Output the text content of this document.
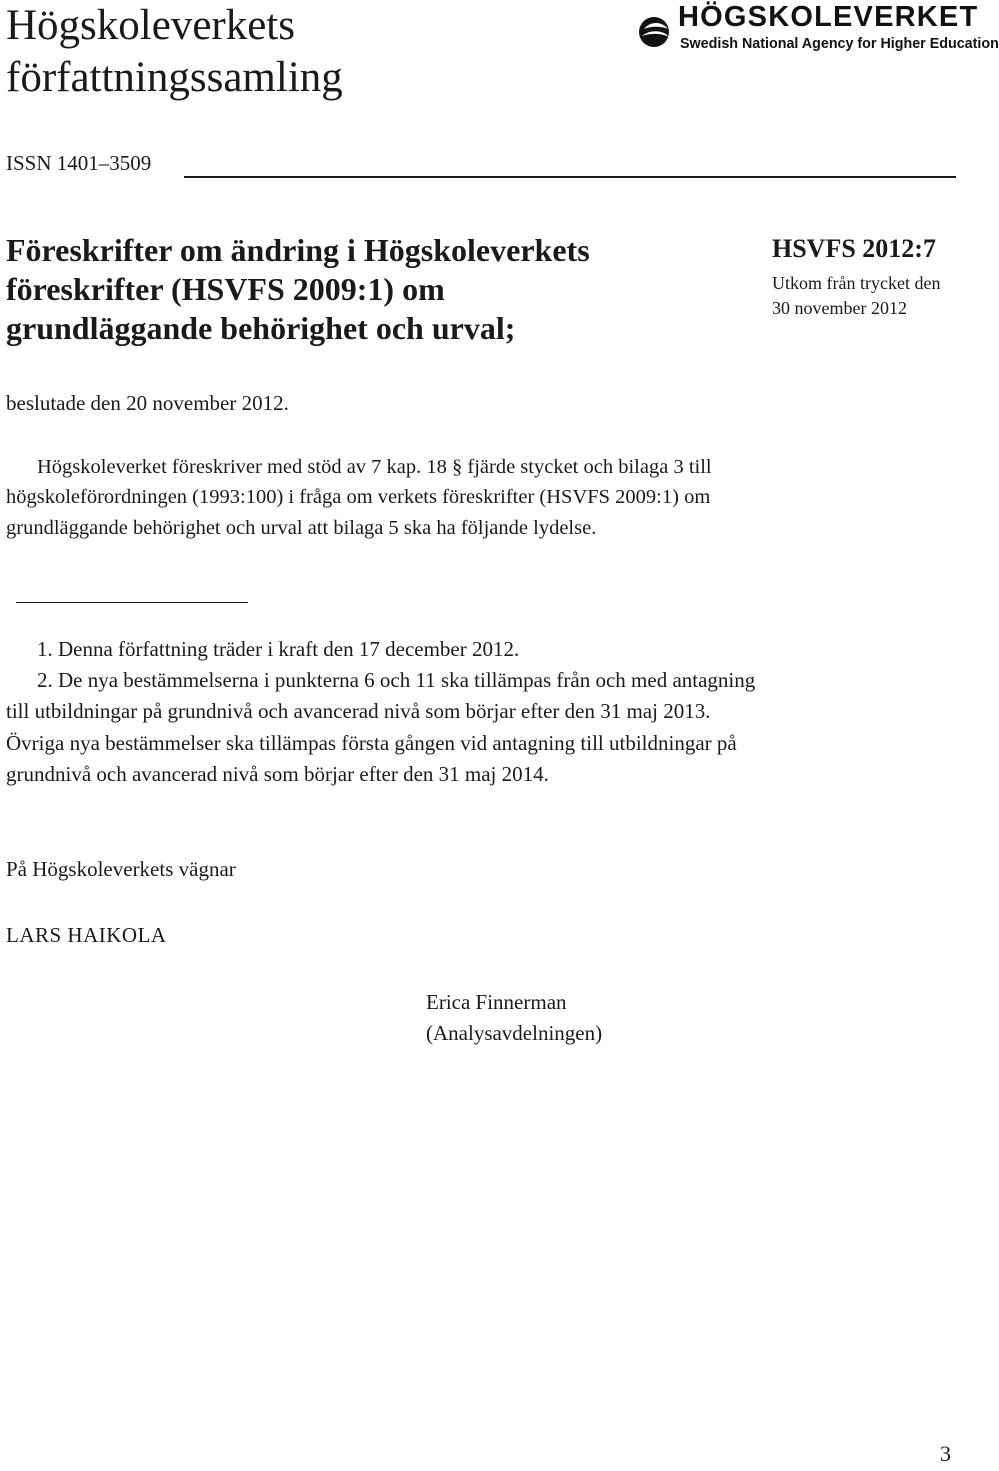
Högskoleverkets
författningssamling
HÖGSKOLEVERKET
Swedish National Agency for Higher Education
ISSN 1401–3509
Föreskrifter om ändring i Högskoleverkets
föreskrifter (HSVFS 2009:1) om
grundläggande behörighet och urval;
HSVFS 2012:7
Utkom från trycket den
30 november 2012
beslutade den 20 november 2012.

Högskoleverket föreskriver med stöd av 7 kap. 18 § fjärde stycket och bilaga 3 till högskoleförordningen (1993:100) i fråga om verkets föreskrifter (HSVFS 2009:1) om grundläggande behörighet och urval att bilaga 5 ska ha följande lydelse.

1. Denna författning träder i kraft den 17 december 2012.

2. De nya bestämmelserna i punkterna 6 och 11 ska tillämpas från och med antagning till utbildningar på grundnivå och avancerad nivå som börjar efter den 31 maj 2013. Övriga nya bestämmelser ska tillämpas första gången vid antagning till utbildningar på grundnivå och avancerad nivå som börjar efter den 31 maj 2014.

På Högskoleverkets vägnar
LARS HAIKOLA
Erica Finnerman
(Analysavdelningen)
3
